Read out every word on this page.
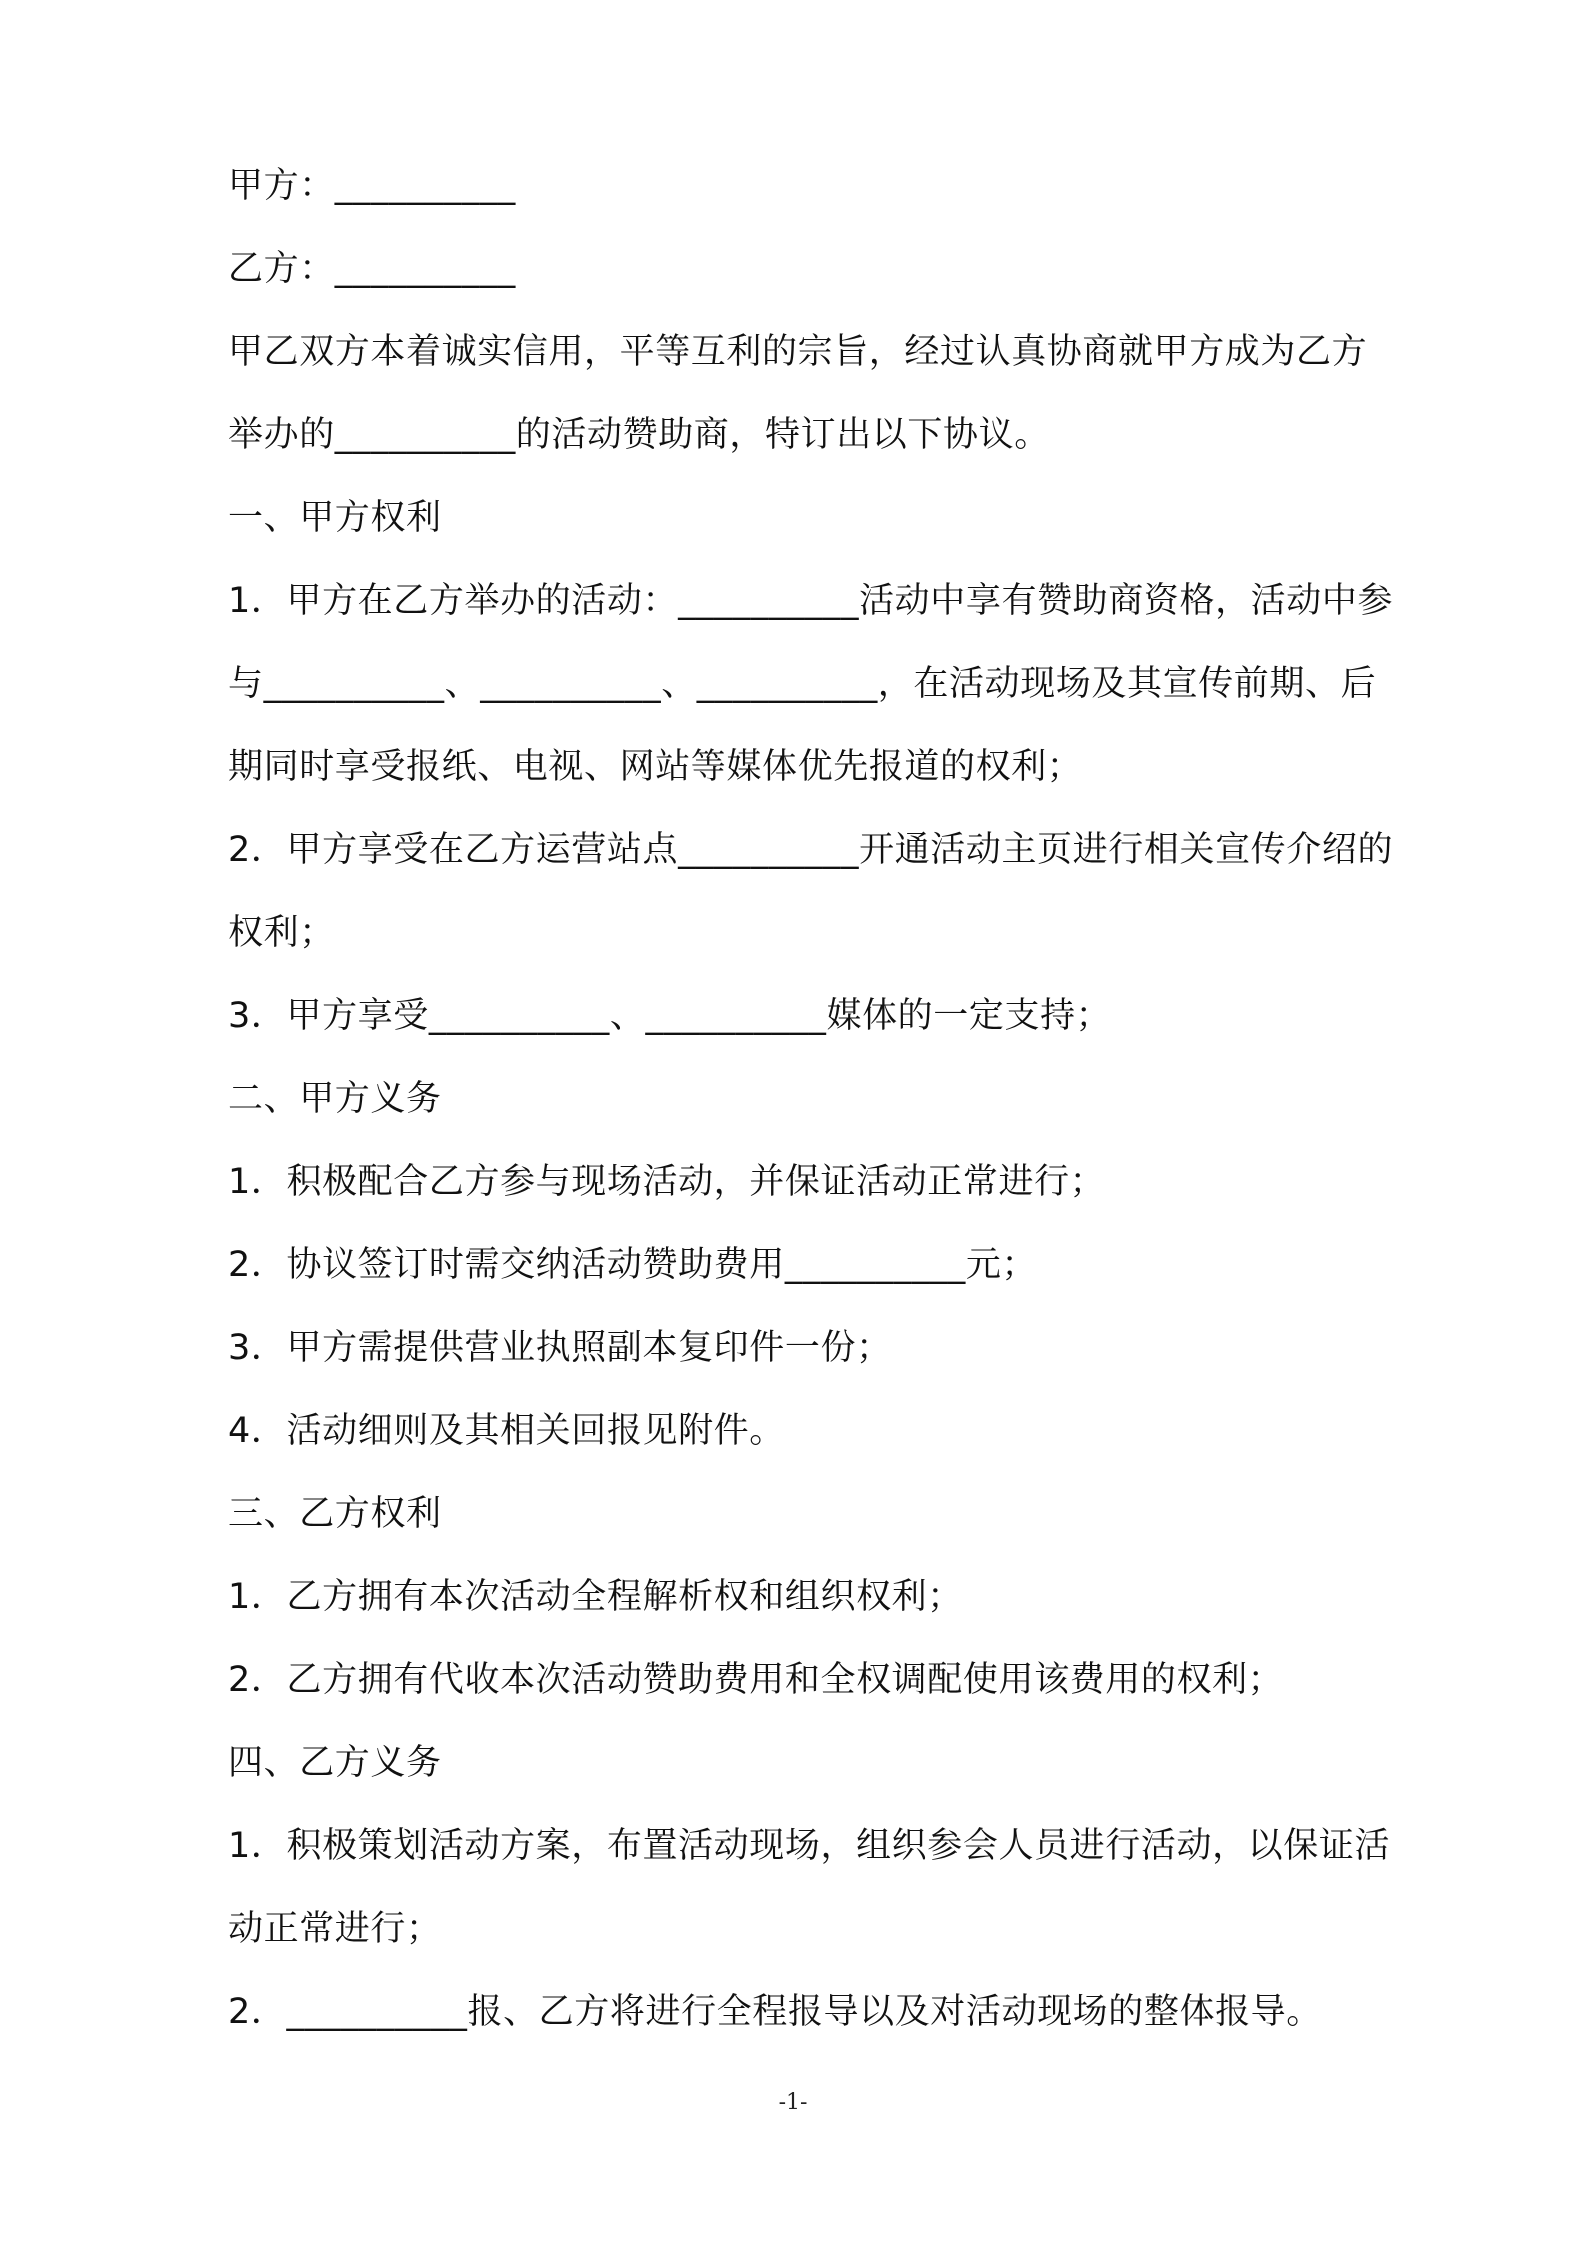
甲方：__________
乙方：__________
甲乙双方本着诚实信用，平等互利的宗旨，经过认真协商就甲方成为乙方
举办的__________的活动赞助商，特订出以下协议。
一、甲方权利
1．甲方在乙方举办的活动：__________活动中享有赞助商资格，活动中参
与__________、__________、__________，在活动现场及其宣传前期、后
期同时享受报纸、电视、网站等媒体优先报道的权利；
2．甲方享受在乙方运营站点__________开通活动主页进行相关宣传介绍的
权利；
3．甲方享受__________、__________媒体的一定支持；
二、甲方义务
1．积极配合乙方参与现场活动，并保证活动正常进行；
2．协议签订时需交纳活动赞助费用__________元；
3．甲方需提供营业执照副本复印件一份；
4．活动细则及其相关回报见附件。
三、乙方权利
1．乙方拥有本次活动全程解析权和组织权利；
2．乙方拥有代收本次活动赞助费用和全权调配使用该费用的权利；
四、乙方义务
1．积极策划活动方案，布置活动现场，组织参会人员进行活动，以保证活
动正常进行；
2．__________报、乙方将进行全程报导以及对活动现场的整体报导。
-1-
